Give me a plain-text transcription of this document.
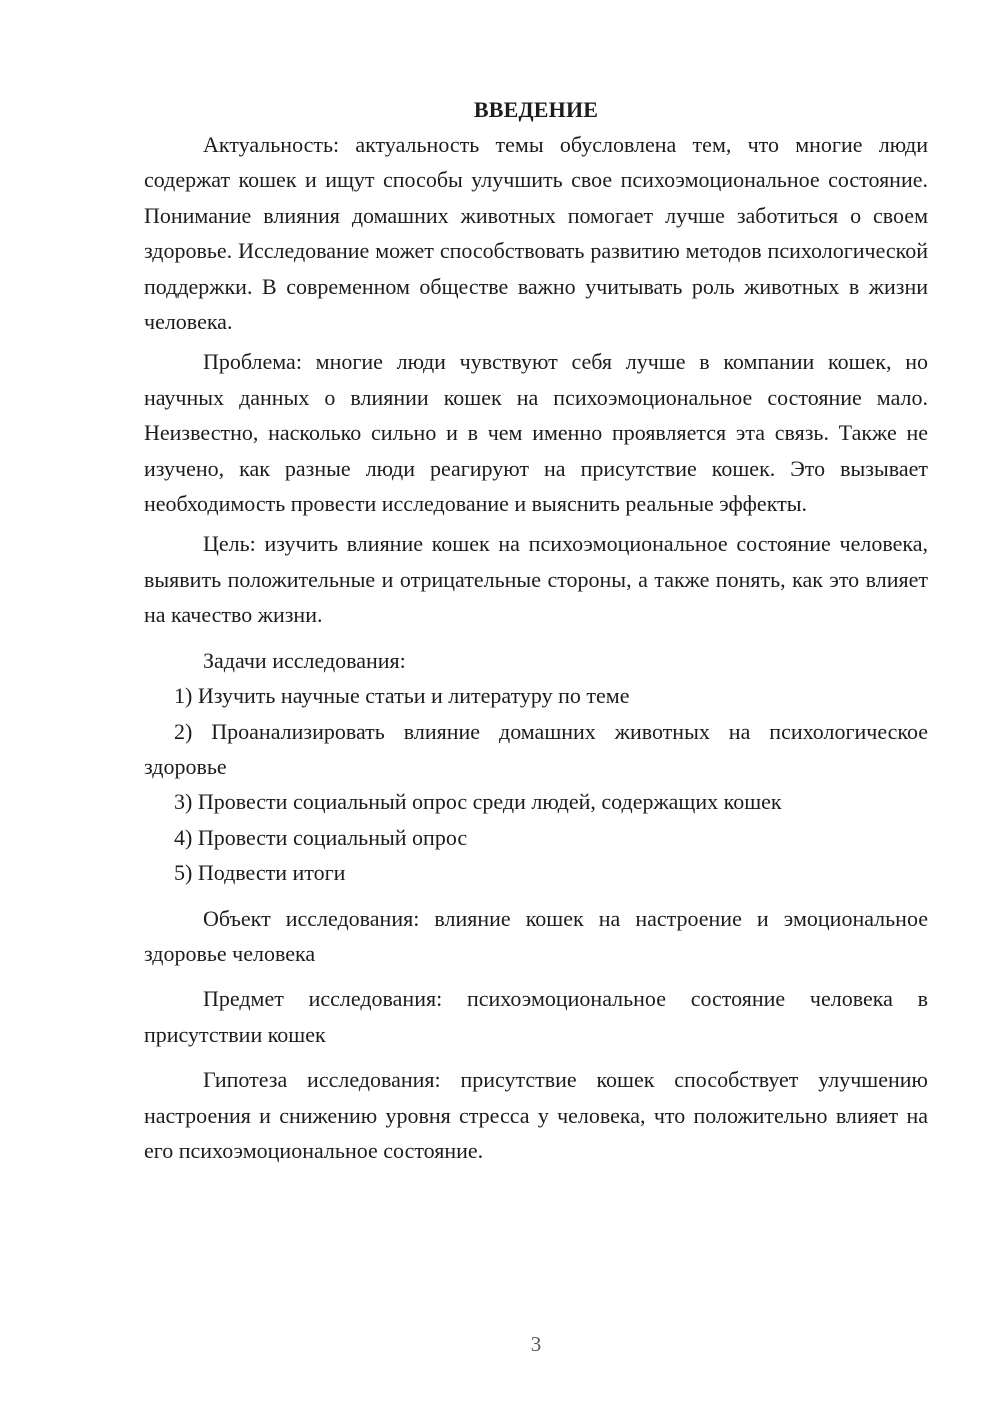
ВВЕДЕНИЕ

Актуальность: актуальность темы обусловлена тем, что многие люди содержат кошек и ищут способы улучшить свое психоэмоциональное состояние. Понимание влияния домашних животных помогает лучше заботиться о своем здоровье. Исследование может способствовать развитию методов психологической поддержки. В современном обществе важно учитывать роль животных в жизни человека.

Проблема: многие люди чувствуют себя лучше в компании кошек, но научных данных о влиянии кошек на психоэмоциональное состояние мало. Неизвестно, насколько сильно и в чем именно проявляется эта связь. Также не изучено, как разные люди реагируют на присутствие кошек. Это вызывает необходимость провести исследование и выяснить реальные эффекты.

Цель: изучить влияние кошек на психоэмоциональное состояние человека, выявить положительные и отрицательные стороны, а также понять, как это влияет на качество жизни.

Задачи исследования:

1) Изучить научные статьи и литературу по теме

2) Проанализировать влияние домашних животных на психологическое здоровье

3) Провести социальный опрос среди людей, содержащих кошек

4) Провести социальный опрос

5) Подвести итоги

Объект исследования: влияние кошек на настроение и эмоциональное здоровье человека

Предмет исследования: психоэмоциональное состояние человека в присутствии кошек

Гипотеза исследования: присутствие кошек способствует улучшению настроения и снижению уровня стресса у человека, что положительно влияет на его психоэмоциональное состояние.

3
